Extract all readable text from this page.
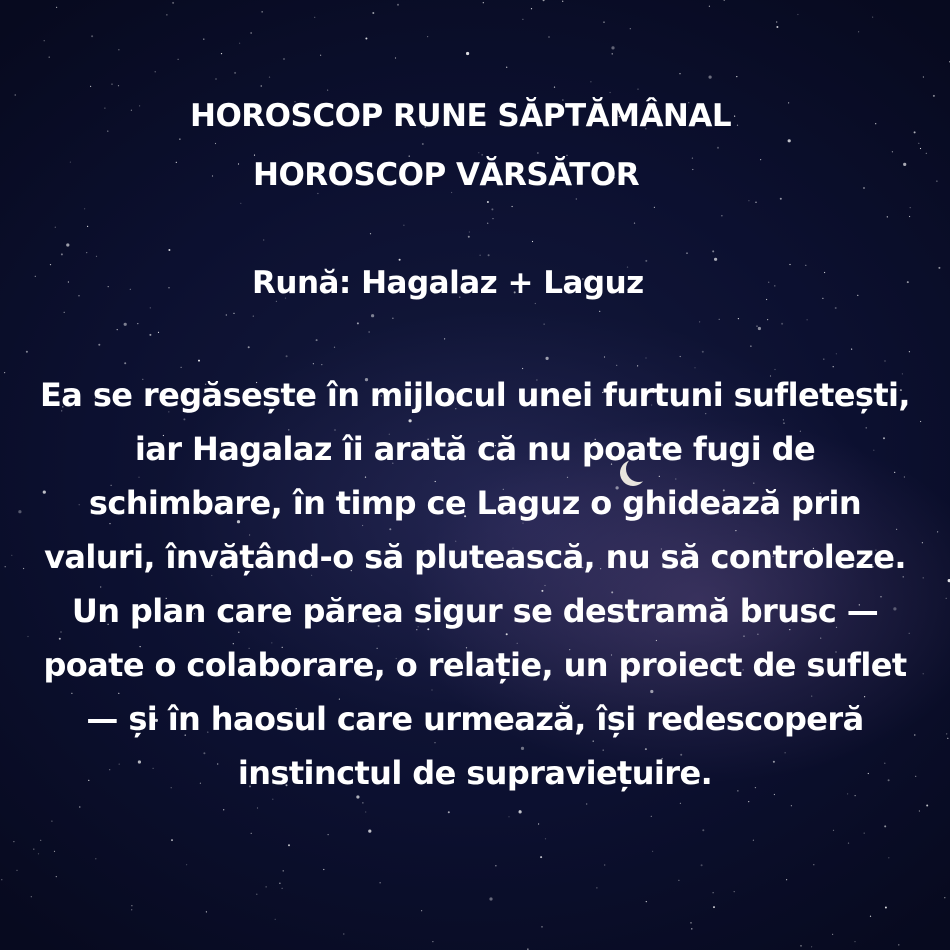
HOROSCOP RUNE SĂPTĂMÂNAL
HOROSCOP VĂRSĂTOR
Rună: Hagalaz + Laguz

Ea se regăsește în mijlocul unei furtuni sufletești, iar Hagalaz îi arată că nu poate fugi de schimbare, în timp ce Laguz o ghidează prin valuri, învățând-o să plutească, nu să controleze. Un plan care părea sigur se destramă brusc — poate o colaborare, o relație, un proiect de suflet — și în haosul care urmează, își redescoperă instinctul de supraviețuire.
